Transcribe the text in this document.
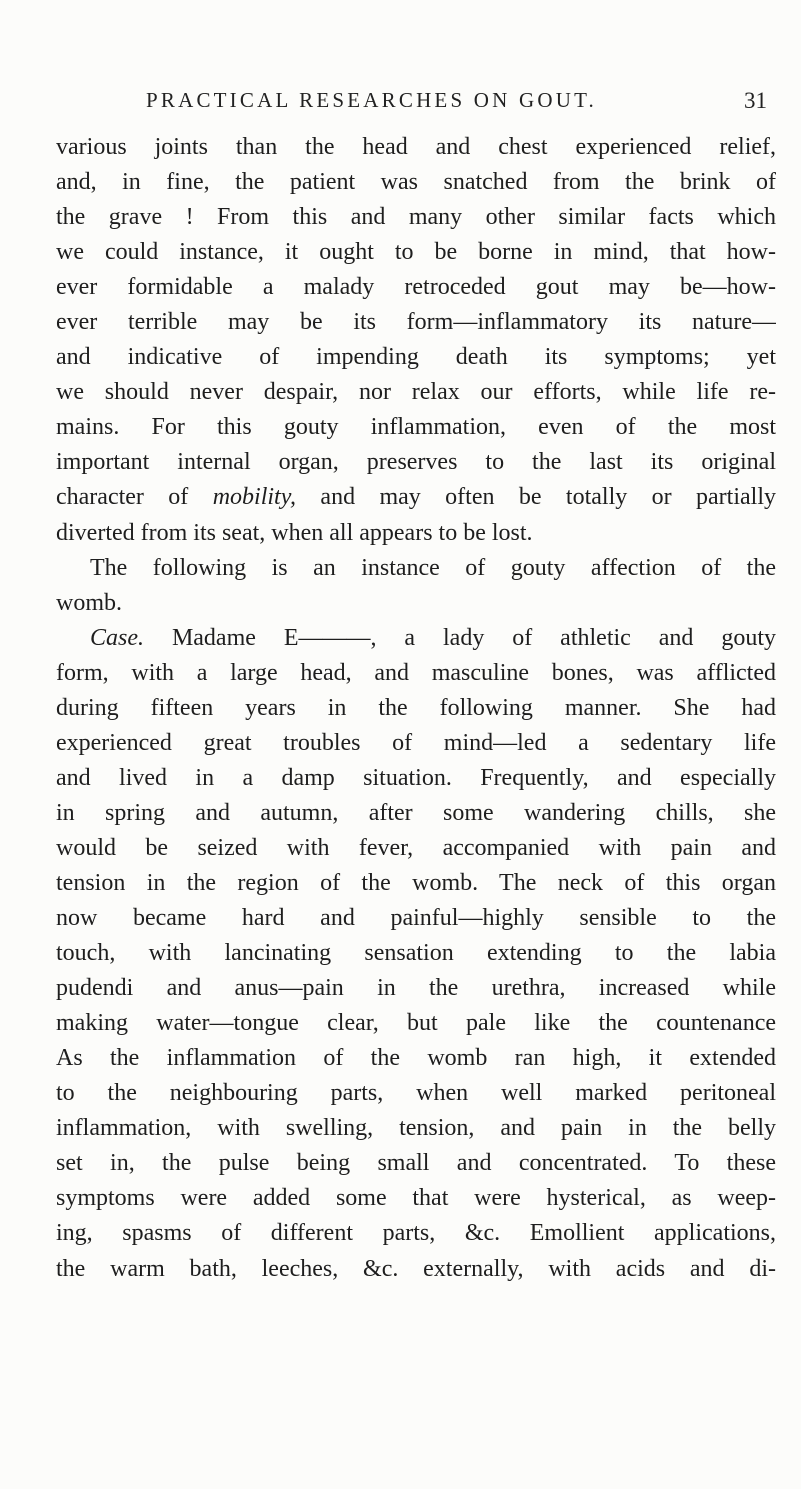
PRACTICAL RESEARCHES ON GOUT.	31
various joints than the head and chest experienced relief,
and, in fine, the patient was snatched from the brink of
the grave ! From this and many other similar facts which
we could instance, it ought to be borne in mind, that how-
ever formidable a malady retroceded gout may be—how-
ever terrible may be its form—inflammatory its nature—
and indicative of impending death its symptoms; yet
we should never despair, nor relax our efforts, while life re-
mains. For this gouty inflammation, even of the most
important internal organ, preserves to the last its original
character of mobility, and may often be totally or partially
diverted from its seat, when all appears to be lost.
The following is an instance of gouty affection of the
womb.
Case. Madame E———, a lady of athletic and gouty
form, with a large head, and masculine bones, was afflicted
during fifteen years in the following manner. She had
experienced great troubles of mind—led a sedentary life
and lived in a damp situation. Frequently, and especially
in spring and autumn, after some wandering chills, she
would be seized with fever, accompanied with pain and
tension in the region of the womb. The neck of this organ
now became hard and painful—highly sensible to the
touch, with lancinating sensation extending to the labia
pudendi and anus—pain in the urethra, increased while
making water—tongue clear, but pale like the countenance
As the inflammation of the womb ran high, it extended
to the neighbouring parts, when well marked peritoneal
inflammation, with swelling, tension, and pain in the belly
set in, the pulse being small and concentrated. To these
symptoms were added some that were hysterical, as weep-
ing, spasms of different parts, &c. Emollient applications,
the warm bath, leeches, &c. externally, with acids and di-
